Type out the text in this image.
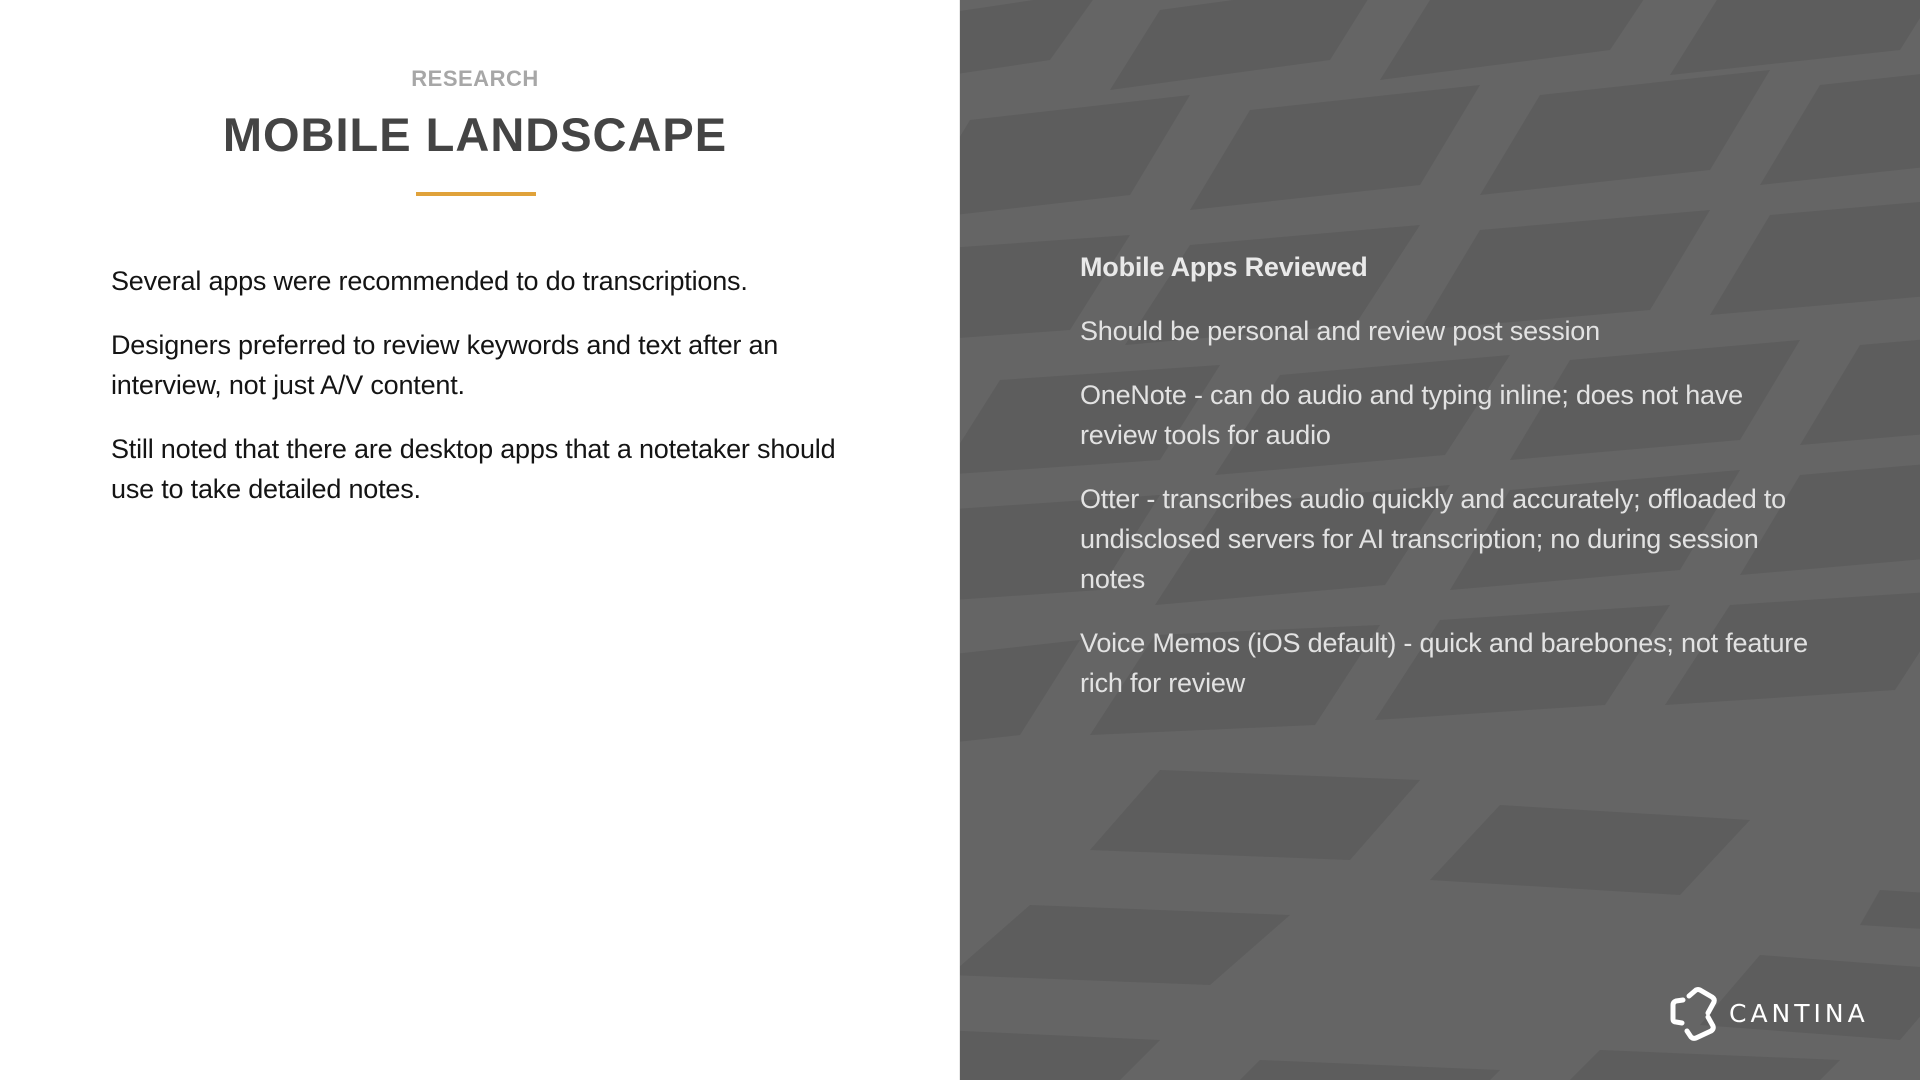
RESEARCH
MOBILE LANDSCAPE

Several apps were recommended to do transcriptions.

Designers preferred to review keywords and text after an interview, not just A/V content.

Still noted that there are desktop apps that a notetaker should use to take detailed notes.

Mobile Apps Reviewed

Should be personal and review post session

OneNote - can do audio and typing inline; does not have review tools for audio

Otter - transcribes audio quickly and accurately; offloaded to undisclosed servers for AI transcription; no during session notes

Voice Memos (iOS default) - quick and barebones; not feature rich for review

CANTINA
